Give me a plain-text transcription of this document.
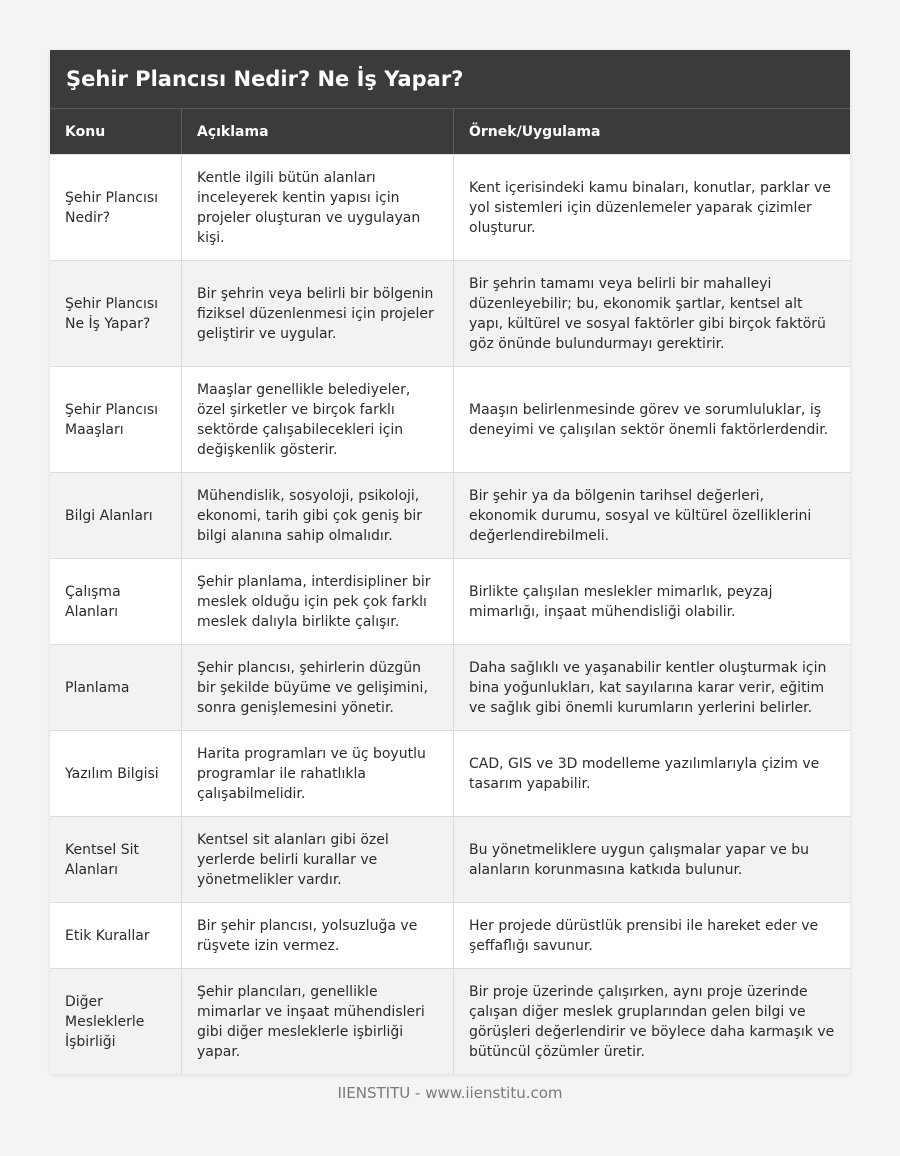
Şehir Plancısı Nedir? Ne İş Yapar?
Konu	Açıklama	Örnek/Uygulama
Şehir Plancısı Nedir?
Kentle ilgili bütün alanları inceleyerek kentin yapısı için projeler oluşturan ve uygulayan kişi.
Kent içerisindeki kamu binaları, konutlar, parklar ve yol sistemleri için düzenlemeler yaparak çizimler oluşturur.
Şehir Plancısı Ne İş Yapar?
Bir şehrin veya belirli bir bölgenin fiziksel düzenlenmesi için projeler geliştirir ve uygular.
Bir şehrin tamamı veya belirli bir mahalleyi düzenleyebilir; bu, ekonomik şartlar, kentsel alt yapı, kültürel ve sosyal faktörler gibi birçok faktörü göz önünde bulundurmayı gerektirir.
Şehir Plancısı Maaşları
Maaşlar genellikle belediyeler, özel şirketler ve birçok farklı sektörde çalışabilecekleri için değişkenlik gösterir.
Maaşın belirlenmesinde görev ve sorumluluklar, iş deneyimi ve çalışılan sektör önemli faktörlerdendir.
Bilgi Alanları
Mühendislik, sosyoloji, psikoloji, ekonomi, tarih gibi çok geniş bir bilgi alanına sahip olmalıdır.
Bir şehir ya da bölgenin tarihsel değerleri, ekonomik durumu, sosyal ve kültürel özelliklerini değerlendirebilmeli.
Çalışma Alanları
Şehir planlama, interdisipliner bir meslek olduğu için pek çok farklı meslek dalıyla birlikte çalışır.
Birlikte çalışılan meslekler mimarlık, peyzaj mimarlığı, inşaat mühendisliği olabilir.
Planlama
Şehir plancısı, şehirlerin düzgün bir şekilde büyüme ve gelişimini, sonra genişlemesini yönetir.
Daha sağlıklı ve yaşanabilir kentler oluşturmak için bina yoğunlukları, kat sayılarına karar verir, eğitim ve sağlık gibi önemli kurumların yerlerini belirler.
Yazılım Bilgisi
Harita programları ve üç boyutlu programlar ile rahatlıkla çalışabilmelidir.
CAD, GIS ve 3D modelleme yazılımlarıyla çizim ve tasarım yapabilir.
Kentsel Sit Alanları
Kentsel sit alanları gibi özel yerlerde belirli kurallar ve yönetmelikler vardır.
Bu yönetmeliklere uygun çalışmalar yapar ve bu alanların korunmasına katkıda bulunur.
Etik Kurallar
Bir şehir plancısı, yolsuzluğa ve rüşvete izin vermez.
Her projede dürüstlük prensibi ile hareket eder ve şeffaflığı savunur.
Diğer Mesleklerle İşbirliği
Şehir plancıları, genellikle mimarlar ve inşaat mühendisleri gibi diğer mesleklerle işbirliği yapar.
Bir proje üzerinde çalışırken, aynı proje üzerinde çalışan diğer meslek gruplarından gelen bilgi ve görüşleri değerlendirir ve böylece daha karmaşık ve bütüncül çözümler üretir.
IIENSTITU - www.iienstitu.com
